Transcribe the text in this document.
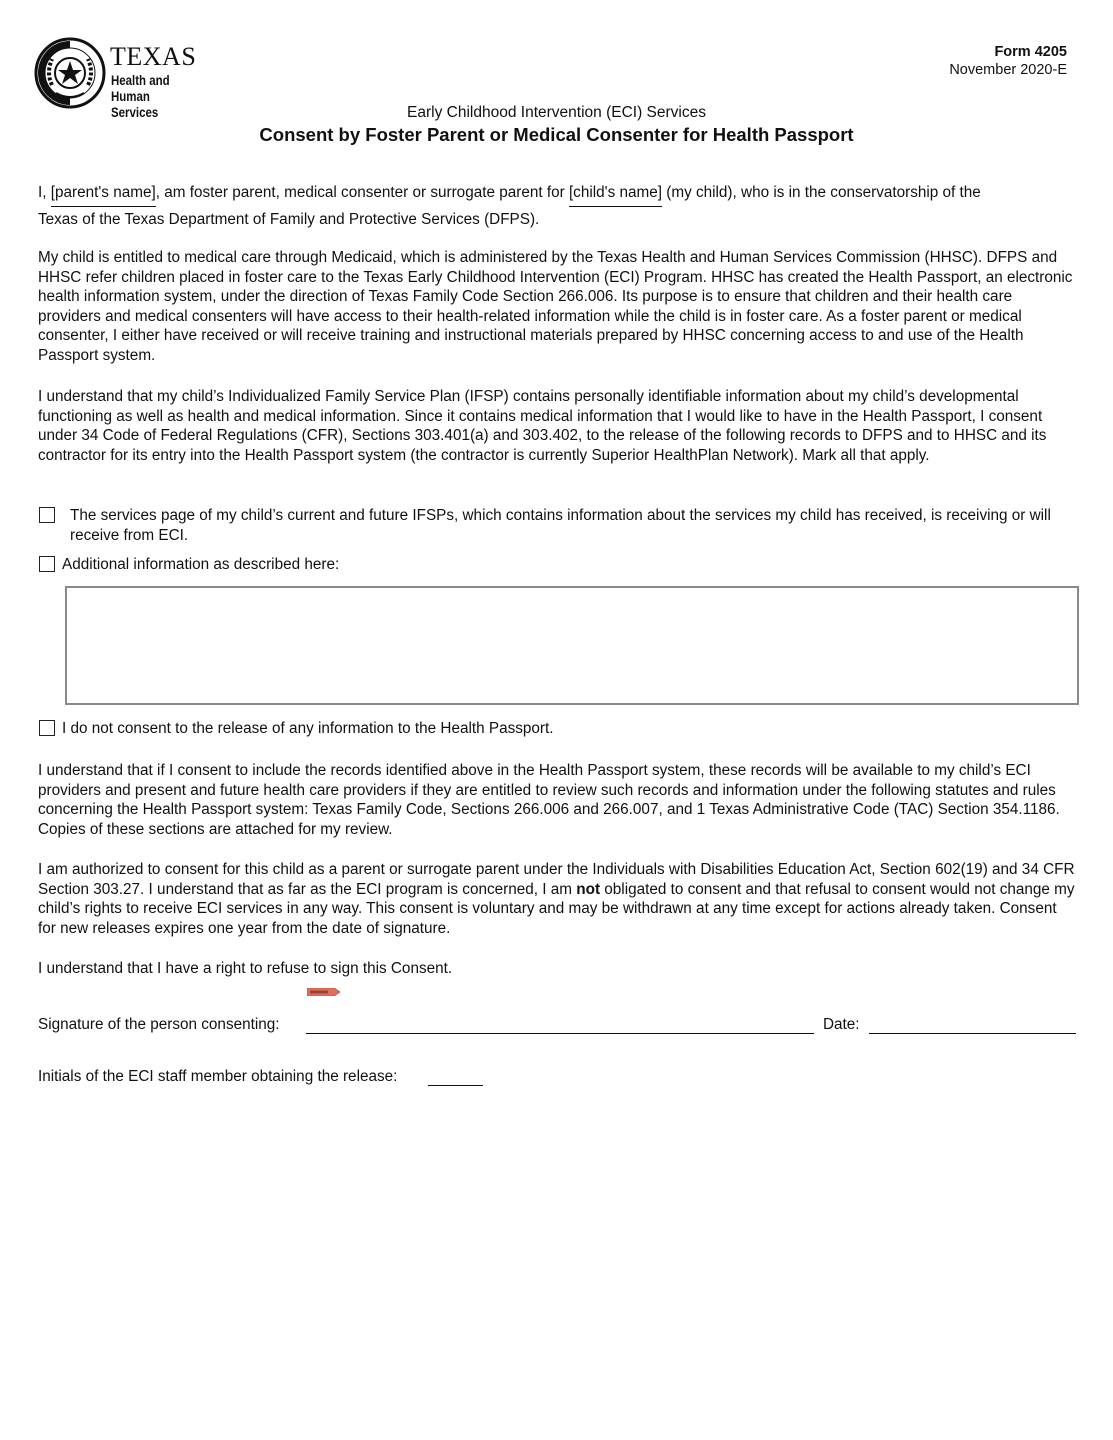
TEXAS
Health and Human
Services
Form 4205
November 2020-E
Early Childhood Intervention (ECI) Services
Consent by Foster Parent or Medical Consenter for Health Passport
I, [parent's name], am foster parent, medical consenter or surrogate parent for [child's name] (my child), who is in the conservatorship of the
Texas of the Texas Department of Family and Protective Services (DFPS).
My child is entitled to medical care through Medicaid, which is administered by the Texas Health and Human Services Commission (HHSC). DFPS and HHSC refer children placed in foster care to the Texas Early Childhood Intervention (ECI) Program. HHSC has created the Health Passport, an electronic health information system, under the direction of Texas Family Code Section 266.006. Its purpose is to ensure that children and their health care providers and medical consenters will have access to their health-related information while the child is in foster care. As a foster parent or medical consenter, I either have received or will receive training and instructional materials prepared by HHSC concerning access to and use of the Health Passport system.
I understand that my child’s Individualized Family Service Plan (IFSP) contains personally identifiable information about my child’s developmental functioning as well as health and medical information. Since it contains medical information that I would like to have in the Health Passport, I consent under 34 Code of Federal Regulations (CFR), Sections 303.401(a) and 303.402, to the release of the following records to DFPS and to HHSC and its contractor for its entry into the Health Passport system (the contractor is currently Superior HealthPlan Network). Mark all that apply.
The services page of my child’s current and future IFSPs, which contains information about the services my child has received, is receiving or will receive from ECI.
Additional information as described here:
I do not consent to the release of any information to the Health Passport.
I understand that if I consent to include the records identified above in the Health Passport system, these records will be available to my child’s ECI providers and present and future health care providers if they are entitled to review such records and information under the following statutes and rules concerning the Health Passport system: Texas Family Code, Sections 266.006 and 266.007, and 1 Texas Administrative Code (TAC) Section 354.1186. Copies of these sections are attached for my review.
I am authorized to consent for this child as a parent or surrogate parent under the Individuals with Disabilities Education Act, Section 602(19) and 34 CFR Section 303.27. I understand that as far as the ECI program is concerned, I am not obligated to consent and that refusal to consent would not change my child’s rights to receive ECI services in any way. This consent is voluntary and may be withdrawn at any time except for actions already taken. Consent for new releases expires one year from the date of signature.
I understand that I have a right to refuse to sign this Consent.
Signature of the person consenting:	Date:
Initials of the ECI staff member obtaining the release:
